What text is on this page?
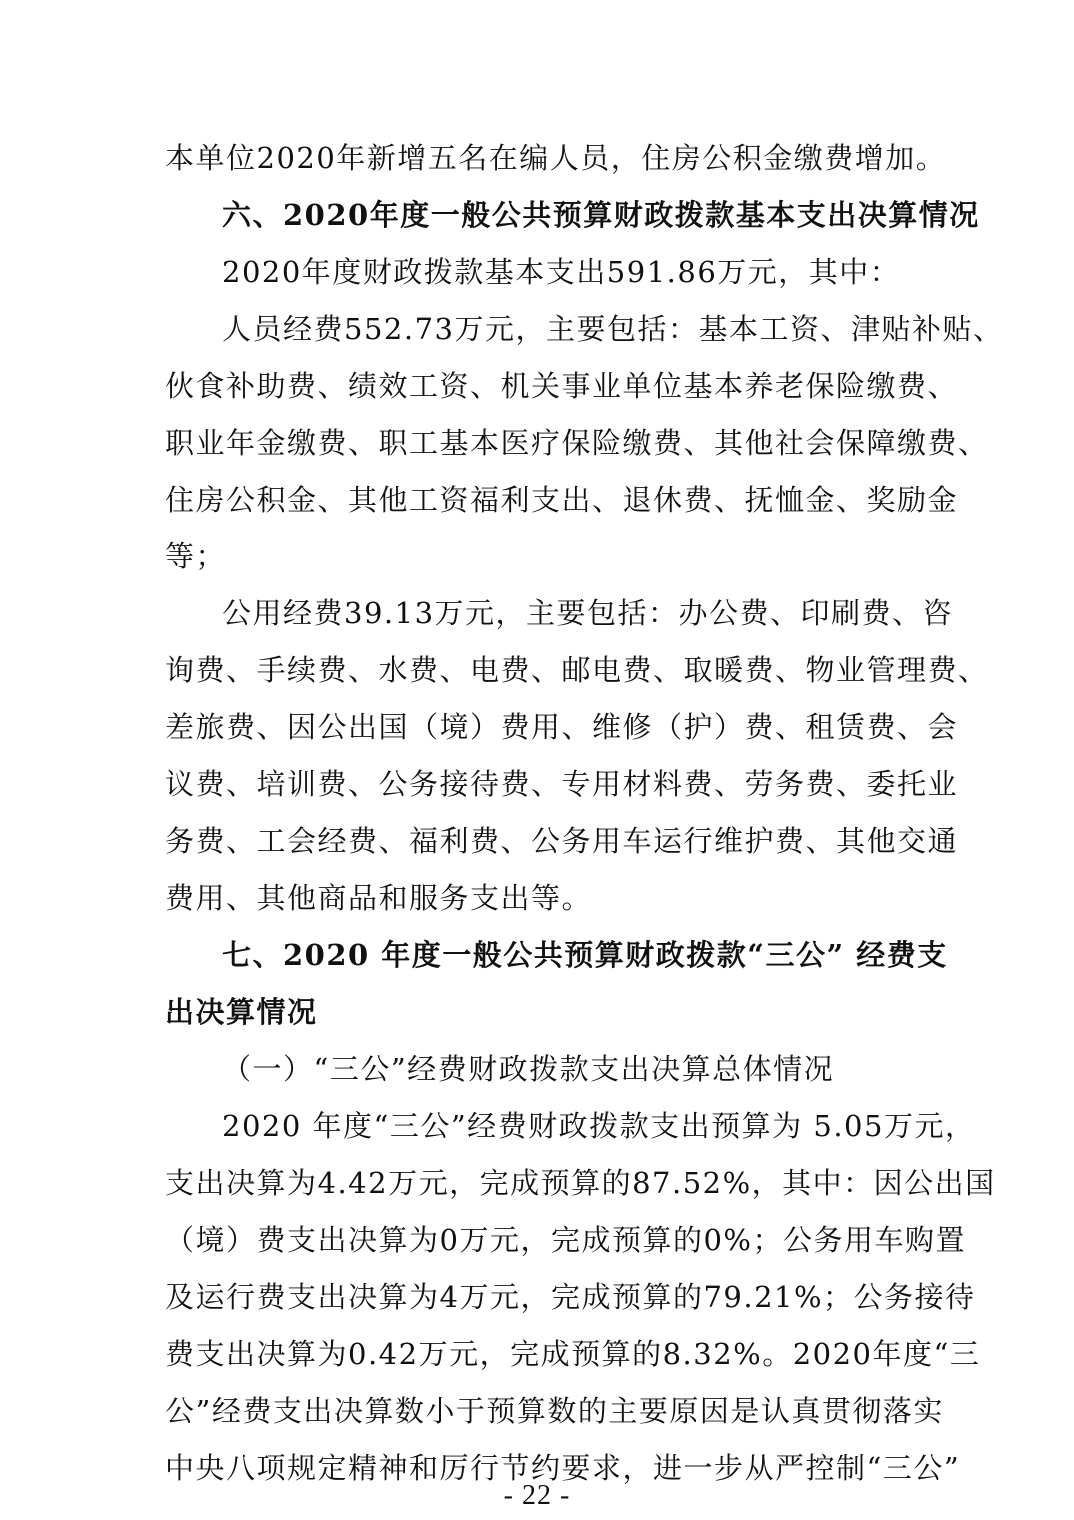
本单位2020年新增五名在编人员，住房公积金缴费增加。
六、2020年度一般公共预算财政拨款基本支出决算情况
2020年度财政拨款基本支出591.86万元，其中：
人员经费552.73万元，主要包括：基本工资、津贴补贴、
伙食补助费、绩效工资、机关事业单位基本养老保险缴费、
职业年金缴费、职工基本医疗保险缴费、其他社会保障缴费、
住房公积金、其他工资福利支出、退休费、抚恤金、奖励金
等；
公用经费39.13万元，主要包括：办公费、印刷费、咨
询费、手续费、水费、电费、邮电费、取暖费、物业管理费、
差旅费、因公出国（境）费用、维修（护）费、租赁费、会
议费、培训费、公务接待费、专用材料费、劳务费、委托业
务费、工会经费、福利费、公务用车运行维护费、其他交通
费用、其他商品和服务支出等。
七、2020 年度一般公共预算财政拨款“三公” 经费支
出决算情况
（一）“三公”经费财政拨款支出决算总体情况
2020 年度“三公”经费财政拨款支出预算为 5.05万元，
支出决算为4.42万元，完成预算的87.52%，其中：因公出国
（境）费支出决算为0万元，完成预算的0%；公务用车购置
及运行费支出决算为4万元，完成预算的79.21%；公务接待
费支出决算为0.42万元，完成预算的8.32%。2020年度“三
公”经费支出决算数小于预算数的主要原因是认真贯彻落实
中央八项规定精神和厉行节约要求，进一步从严控制“三公”
- 22 -
